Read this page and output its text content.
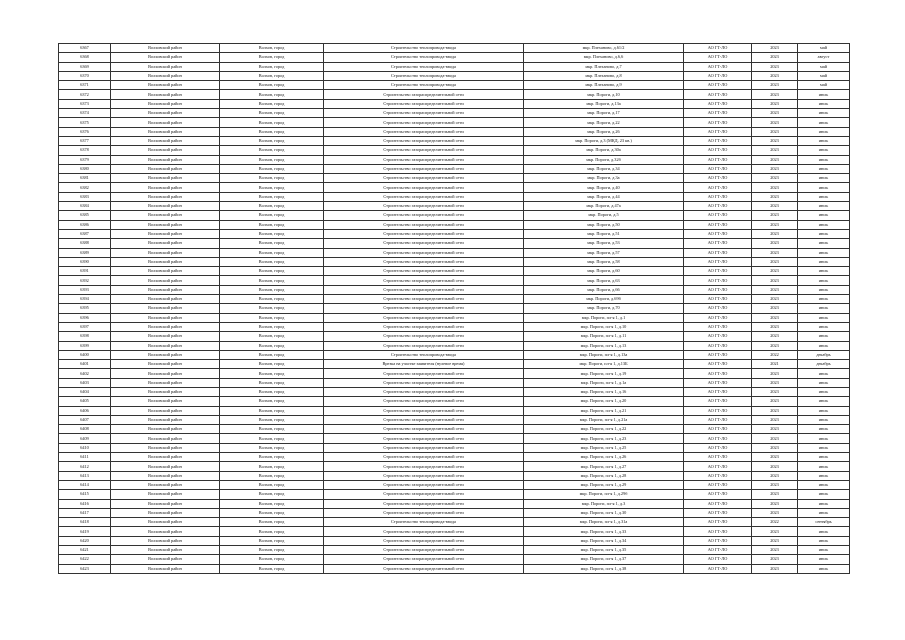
6367	Волховский район	Волхов, город	Строительство теплопровода-ввода	мкр. Плеханово, д.61/2	АО ГТ-ЛО	2023	май
6368	Волховский район	Волхов, город	Строительство теплопровода-ввода	мкр. Плеханово, д.6,6	АО ГТ-ЛО	2023	август
6369	Волховский район	Волхов, город	Строительство теплопровода-ввода	мкр. Плеханово, д.7	АО ГТ-ЛО	2023	май
6370	Волховский район	Волхов, город	Строительство теплопровода-ввода	мкр. Плеханово, д.8	АО ГТ-ЛО	2023	май
6371	Волховский район	Волхов, город	Строительство теплопровода-ввода	мкр. Плеханово, д.9	АО ГТ-ЛО	2023	май
6372	Волховский район	Волхов, город	Строительство газораспределительной сети	мкр. Пороги, д.10	АО ГТ-ЛО	2023	июль
6373	Волховский район	Волхов, город	Строительство газораспределительной сети	мкр. Пороги, д.13а	АО ГТ-ЛО	2023	июль
6374	Волховский район	Волхов, город	Строительство газораспределительной сети	мкр. Пороги, д.17	АО ГТ-ЛО	2023	июль
6375	Волховский район	Волхов, город	Строительство газораспределительной сети	мкр. Пороги, д.22	АО ГТ-ЛО	2023	июль
6376	Волховский район	Волхов, город	Строительство газораспределительной сети	мкр. Пороги, д.26	АО ГТ-ЛО	2023	июль
6377	Волховский район	Волхов, город	Строительство газораспределительной сети	мкр. Пороги, д.3 (МКД, 23 кв.)	АО ГТ-ЛО	2023	июль
6378	Волховский район	Волхов, город	Строительство газораспределительной сети	мкр. Пороги, д.30а	АО ГТ-ЛО	2023	июль
6379	Волховский район	Волхов, город	Строительство газораспределительной сети	мкр. Пороги, д.32б	АО ГТ-ЛО	2023	июль
6380	Волховский район	Волхов, город	Строительство газораспределительной сети	мкр. Пороги, д.34	АО ГТ-ЛО	2023	июль
6381	Волховский район	Волхов, город	Строительство газораспределительной сети	мкр. Пороги, д.3а	АО ГТ-ЛО	2023	июль
6382	Волховский район	Волхов, город	Строительство газораспределительной сети	мкр. Пороги, д.40	АО ГТ-ЛО	2023	июль
6383	Волховский район	Волхов, город	Строительство газораспределительной сети	мкр. Пороги, д.44	АО ГТ-ЛО	2023	июль
6384	Волховский район	Волхов, город	Строительство газораспределительной сети	мкр. Пороги, д.47а	АО ГТ-ЛО	2023	июль
6385	Волховский район	Волхов, город	Строительство газораспределительной сети	мкр. Пороги, д.5	АО ГТ-ЛО	2023	июль
6386	Волховский район	Волхов, город	Строительство газораспределительной сети	мкр. Пороги, д.50	АО ГТ-ЛО	2023	июль
6387	Волховский район	Волхов, город	Строительство газораспределительной сети	мкр. Пороги, д.51	АО ГТ-ЛО	2023	июль
6388	Волховский район	Волхов, город	Строительство газораспределительной сети	мкр. Пороги, д.53	АО ГТ-ЛО	2023	июль
6389	Волховский район	Волхов, город	Строительство газораспределительной сети	мкр. Пороги, д.57	АО ГТ-ЛО	2023	июль
6390	Волховский район	Волхов, город	Строительство газораспределительной сети	мкр. Пороги, д.58	АО ГТ-ЛО	2023	июль
6391	Волховский район	Волхов, город	Строительство газораспределительной сети	мкр. Пороги, д.60	АО ГТ-ЛО	2023	июль
6392	Волховский район	Волхов, город	Строительство газораспределительной сети	мкр. Пороги, д.63	АО ГТ-ЛО	2023	июль
6393	Волховский район	Волхов, город	Строительство газораспределительной сети	мкр. Пороги, д.66	АО ГТ-ЛО	2023	июль
6394	Волховский район	Волхов, город	Строительство газораспределительной сети	мкр. Пороги, д.69б	АО ГТ-ЛО	2023	июль
6395	Волховский район	Волхов, город	Строительство газораспределительной сети	мкр. Пороги, д.70	АО ГТ-ЛО	2023	июль
6396	Волховский район	Волхов, город	Строительство газораспределительной сети	мкр. Пороги, пл-я 1, д.1	АО ГТ-ЛО	2023	июль
6397	Волховский район	Волхов, город	Строительство газораспределительной сети	мкр. Пороги, пл-я 1, д.10	АО ГТ-ЛО	2023	июль
6398	Волховский район	Волхов, город	Строительство газораспределительной сети	мкр. Пороги, пл-я 1, д.11	АО ГТ-ЛО	2023	июль
6399	Волховский район	Волхов, город	Строительство газораспределительной сети	мкр. Пороги, пл-я 1, д.13	АО ГТ-ЛО	2023	июль
6400	Волховский район	Волхов, город	Строительство теплопровода-ввода	мкр. Пороги, пл-я 1, д.13а	АО ГТ-ЛО	2022	декабрь
6401	Волховский район	Волхов, город	Врезка на участке заявителя (нулевое время)	мкр. Пороги, пл-я 1, д.13Б	АО ГТ-ЛО	2021	декабрь
6402	Волховский район	Волхов, город	Строительство газораспределительной сети	мкр. Пороги, пл-я 1, д.19	АО ГТ-ЛО	2023	июль
6403	Волховский район	Волхов, город	Строительство газораспределительной сети	мкр. Пороги, пл-я 1, д.1а	АО ГТ-ЛО	2023	июль
6404	Волховский район	Волхов, город	Строительство газораспределительной сети	мкр. Пороги, пл-я 1, д.16	АО ГТ-ЛО	2023	июль
6405	Волховский район	Волхов, город	Строительство газораспределительной сети	мкр. Пороги, пл-я 1, д.20	АО ГТ-ЛО	2023	июль
6406	Волховский район	Волхов, город	Строительство газораспределительной сети	мкр. Пороги, пл-я 1, д.21	АО ГТ-ЛО	2023	июль
6407	Волховский район	Волхов, город	Строительство газораспределительной сети	мкр. Пороги, пл-я 1, д.21а	АО ГТ-ЛО	2023	июль
6408	Волховский район	Волхов, город	Строительство газораспределительной сети	мкр. Пороги, пл-я 1, д.22	АО ГТ-ЛО	2023	июль
6409	Волховский район	Волхов, город	Строительство газораспределительной сети	мкр. Пороги, пл-я 1, д.23	АО ГТ-ЛО	2023	июль
6410	Волховский район	Волхов, город	Строительство газораспределительной сети	мкр. Пороги, пл-я 1, д.25	АО ГТ-ЛО	2023	июль
6411	Волховский район	Волхов, город	Строительство газораспределительной сети	мкр. Пороги, пл-я 1, д.26	АО ГТ-ЛО	2023	июль
6412	Волховский район	Волхов, город	Строительство газораспределительной сети	мкр. Пороги, пл-я 1, д.27	АО ГТ-ЛО	2023	июль
6413	Волховский район	Волхов, город	Строительство газораспределительной сети	мкр. Пороги, пл-я 1, д.28	АО ГТ-ЛО	2023	июль
6414	Волховский район	Волхов, город	Строительство газораспределительной сети	мкр. Пороги, пл-я 1, д.29	АО ГТ-ЛО	2023	июль
6415	Волховский район	Волхов, город	Строительство газораспределительной сети	мкр. Пороги, пл-я 1, д.29б	АО ГТ-ЛО	2023	июль
6416	Волховский район	Волхов, город	Строительство газораспределительной сети	мкр. Пороги, пл-я 1, д.3	АО ГТ-ЛО	2023	июль
6417	Волховский район	Волхов, город	Строительство газораспределительной сети	мкр. Пороги, пл-я 1, д.30	АО ГТ-ЛО	2023	июль
6418	Волховский район	Волхов, город	Строительство теплопровода-ввода	мкр. Пороги, пл-я 1, д.31а	АО ГТ-ЛО	2022	сентябрь
6419	Волховский район	Волхов, город	Строительство газораспределительной сети	мкр. Пороги, пл-я 1, д.33	АО ГТ-ЛО	2023	июль
6420	Волховский район	Волхов, город	Строительство газораспределительной сети	мкр. Пороги, пл-я 1, д.34	АО ГТ-ЛО	2023	июль
6421	Волховский район	Волхов, город	Строительство газораспределительной сети	мкр. Пороги, пл-я 1, д.35	АО ГТ-ЛО	2023	июль
6422	Волховский район	Волхов, город	Строительство газораспределительной сети	мкр. Пороги, пл-я 1, д.37	АО ГТ-ЛО	2023	июль
6423	Волховский район	Волхов, город	Строительство газораспределительной сети	мкр. Пороги, пл-я 1, д.38	АО ГТ-ЛО	2023	июль
